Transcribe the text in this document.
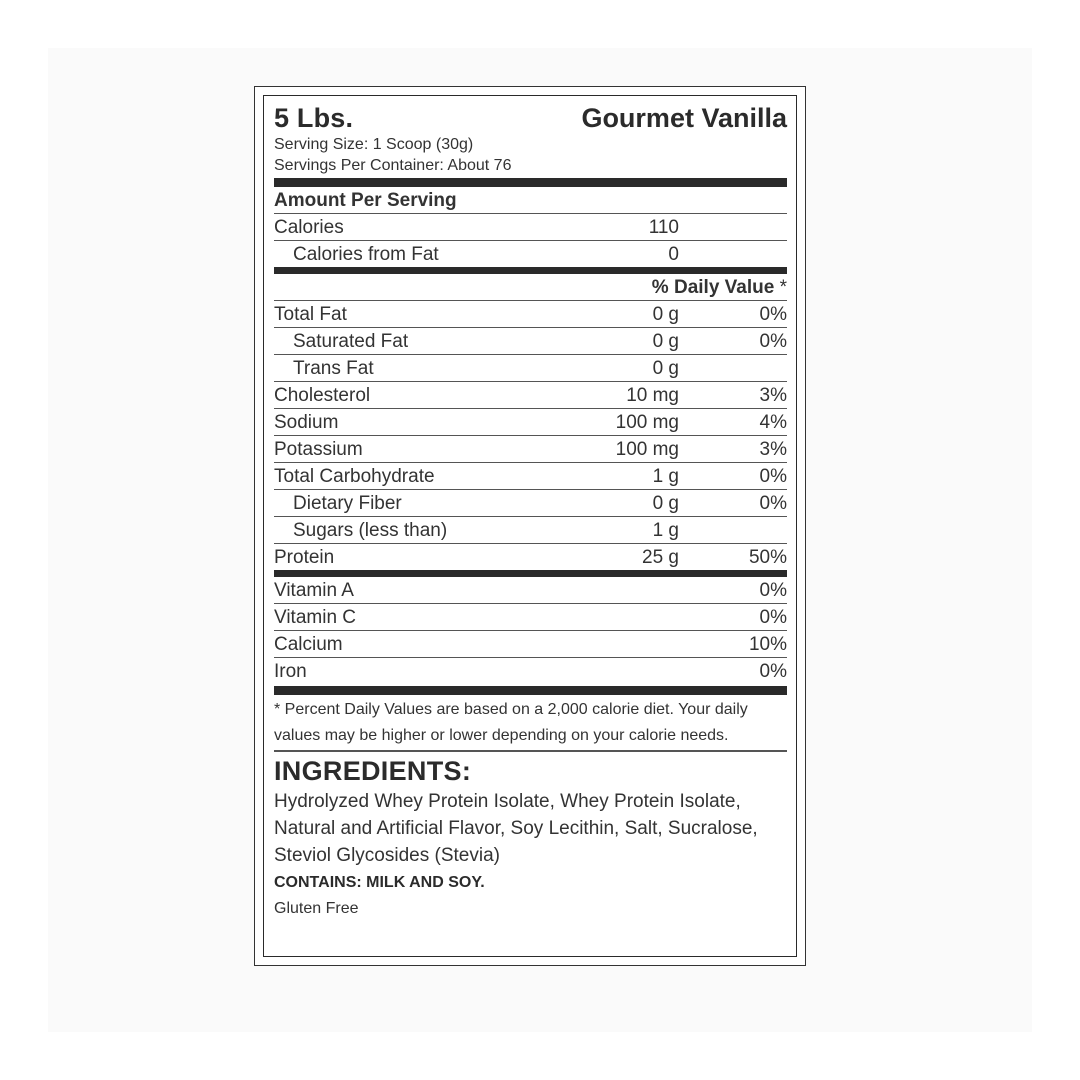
5 Lbs.	Gourmet Vanilla
Serving Size: 1 Scoop (30g)
Servings Per Container: About 76
Amount Per Serving
Calories	110
Calories from Fat	0
% Daily Value *
Total Fat	0 g	0%
Saturated Fat	0 g	0%
Trans Fat	0 g
Cholesterol	10 mg	3%
Sodium	100 mg	4%
Potassium	100 mg	3%
Total Carbohydrate	1 g	0%
Dietary Fiber	0 g	0%
Sugars (less than)	1 g
Protein	25 g	50%
Vitamin A	0%
Vitamin C	0%
Calcium	10%
Iron	0%
* Percent Daily Values are based on a 2,000 calorie diet. Your daily values may be higher or lower depending on your calorie needs.
INGREDIENTS:
Hydrolyzed Whey Protein Isolate, Whey Protein Isolate, Natural and Artificial Flavor, Soy Lecithin, Salt, Sucralose, Steviol Glycosides (Stevia)
CONTAINS: MILK AND SOY.
Gluten Free
